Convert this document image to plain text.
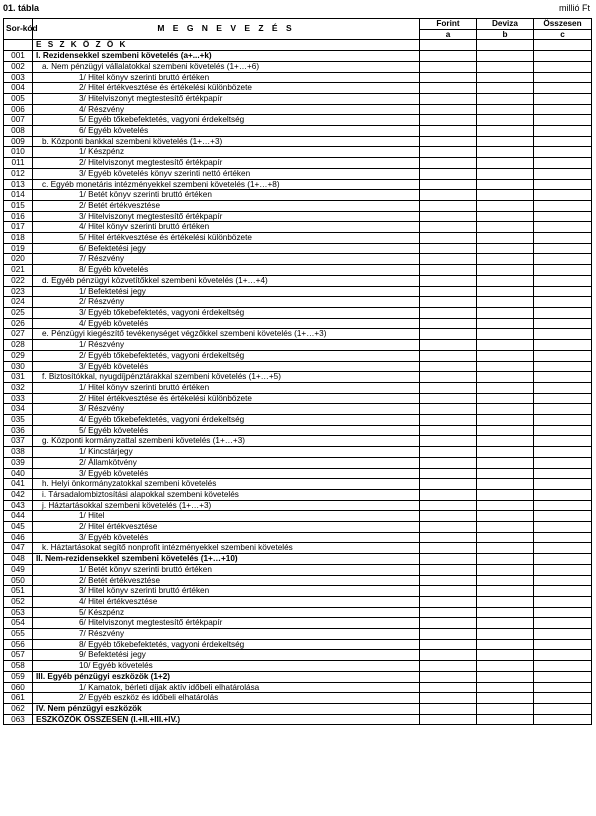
01. tábla	millió Ft
Sor-kód	M E G N E V E Z É S	Forint	Deviza	Összesen
		a	b	c
	E S Z K Ö Z Ö K			
001	I. Rezidensekkel szembeni követelés (a+...+k)			
002	a. Nem pénzügyi vállalatokkal szembeni követelés (1+…+6)			
003	1/ Hitel könyv szerinti bruttó értéken			
004	2/ Hitel értékvesztése és értékelési különbözete			
005	3/ Hitelviszonyt megtestesítő értékpapír			
006	4/ Részvény			
007	5/ Egyéb tőkebefektetés, vagyoni érdekeltség			
008	6/ Egyéb követelés			
009	b. Központi bankkal szembeni követelés (1+…+3)			
010	1/ Készpénz			
011	2/ Hitelviszonyt megtestesítő értékpapír			
012	3/ Egyéb követelés könyv szerinti nettó értéken			
013	c. Egyéb monetáris intézményekkel szembeni követelés (1+…+8)			
014	1/ Betét könyv szerinti bruttó értéken			
015	2/ Betét értékvesztése			
016	3/ Hitelviszonyt megtestesítő értékpapír			
017	4/ Hitel könyv szerinti bruttó értéken			
018	5/ Hitel értékvesztése és értékelési különbözete			
019	6/ Befektetési jegy			
020	7/ Részvény			
021	8/ Egyéb követelés			
022	d. Egyéb pénzügyi közvetítőkkel szembeni követelés (1+…+4)			
023	1/ Befektetési jegy			
024	2/ Részvény			
025	3/ Egyéb tőkebefektetés, vagyoni érdekeltség			
026	4/ Egyéb követelés			
027	e. Pénzügyi kiegészítő tevékenységet végzőkkel szembeni követelés (1+…+3)			
028	1/ Részvény			
029	2/ Egyéb tőkebefektetés, vagyoni érdekeltség			
030	3/ Egyéb követelés			
031	f. Biztosítókkal, nyugdíjpénztárakkal szembeni követelés (1+…+5)			
032	1/ Hitel könyv szerinti bruttó értéken			
033	2/ Hitel értékvesztése és értékelési különbözete			
034	3/ Részvény			
035	4/ Egyéb tőkebefektetés, vagyoni érdekeltség			
036	5/ Egyéb követelés			
037	g. Központi kormányzattal szembeni követelés (1+…+3)			
038	1/ Kincstárjegy			
039	2/ Államkötvény			
040	3/ Egyéb követelés			
041	h. Helyi önkormányzatokkal szembeni követelés			
042	i. Társadalombiztosítási alapokkal szembeni követelés			
043	j. Háztartásokkal szembeni követelés (1+…+3)			
044	1/ Hitel			
045	2/ Hitel értékvesztése			
046	3/ Egyéb követelés			
047	k. Háztartásokat segítő nonprofit intézményekkel szembeni követelés			
048	II. Nem-rezidensekkel szembeni követelés (1+…+10)			
049	1/ Betét könyv szerinti bruttó értéken			
050	2/ Betét értékvesztése			
051	3/ Hitel könyv szerinti bruttó értéken			
052	4/ Hitel értékvesztése			
053	5/ Készpénz			
054	6/ Hitelviszonyt megtestesítő értékpapír			
055	7/ Részvény			
056	8/ Egyéb tőkebefektetés, vagyoni érdekeltség			
057	9/ Befektetési jegy			
058	10/ Egyéb követelés			
059	III. Egyéb pénzügyi eszközök (1+2)			
060	1/ Kamatok, bérleti díjak aktív időbeli elhatárolása			
061	2/ Egyéb eszköz és időbeli elhatárolás			
062	IV. Nem pénzügyi eszközök			
063	ESZKÖZÖK ÖSSZESEN (I.+II.+III.+IV.)			
